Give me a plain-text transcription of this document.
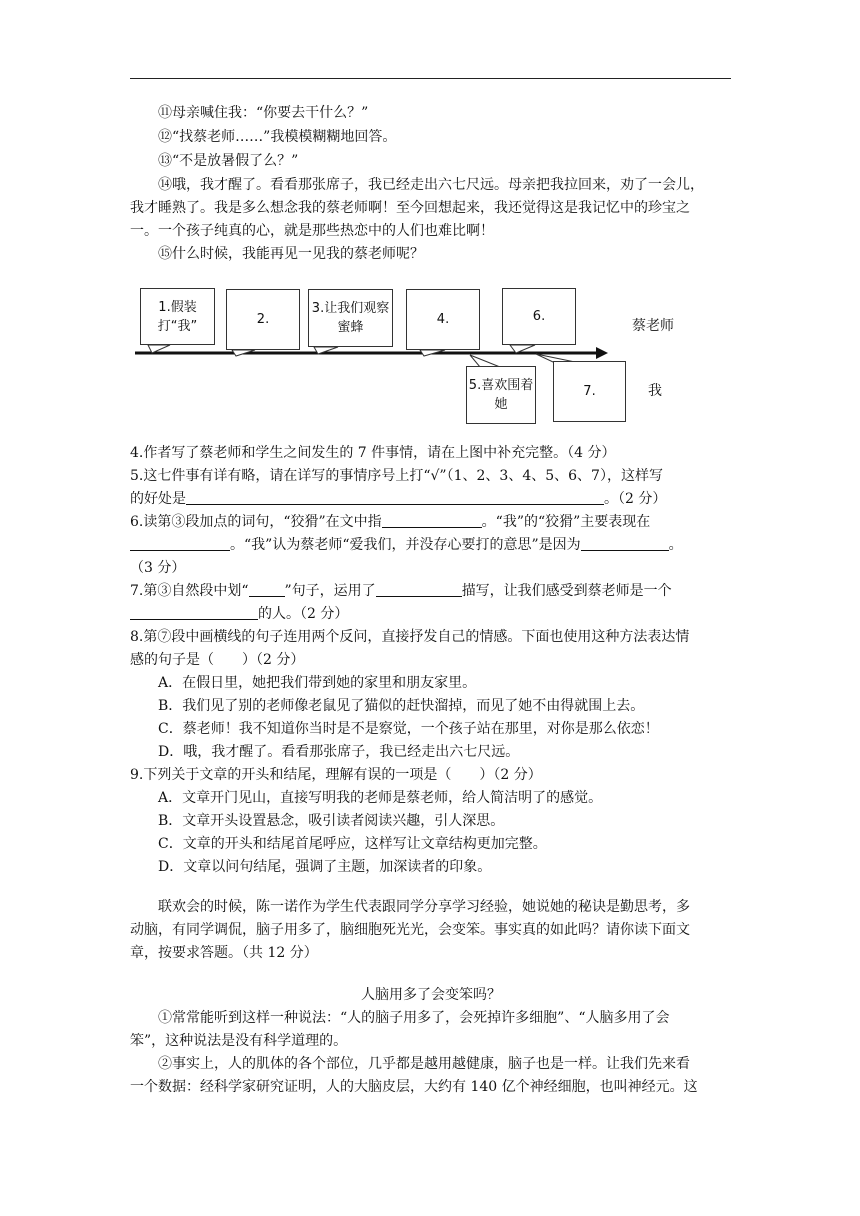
⑪母亲喊住我：“你要去干什么？”
⑫“找蔡老师……”我模模糊糊地回答。
⑬“不是放暑假了么？”
⑭哦，我才醒了。看看那张席子，我已经走出六七尺远。母亲把我拉回来，劝了一会儿，
我才睡熟了。我是多么想念我的蔡老师啊！至今回想起来，我还觉得这是我记忆中的珍宝之
一。一个孩子纯真的心，就是那些热恋中的人们也难比啊！
⑮什么时候，我能再见一见我的蔡老师呢？
1.假装打“我”	2.
3.让我们观察蜜蜂
4.	6.
5.喜欢围着她
7.
蔡老师
我
4.作者写了蔡老师和学生之间发生的 7 件事情，请在上图中补充完整。（4 分）
5.这七件事有详有略，请在详写的事情序号上打“√”（1、2、3、4、5、6、7），这样写
的好处是	。（2 分）
6.读第③段加点的词句，“狡猾”在文中指	。“我”的“狡猾”主要表现在
。“我”认为蔡老师“爱我们，并没存心要打的意思”是因为	。
（3 分）
7.第③自然段中划“	”句子，运用了	描写，让我们感受到蔡老师是一个
的人。（2 分）
8.第⑦段中画横线的句子连用两个反问，直接抒发自己的情感。下面也使用这种方法表达情
感的句子是（　　）（2 分）
A．在假日里，她把我们带到她的家里和朋友家里。
B．我们见了别的老师像老鼠见了猫似的赶快溜掉，而见了她不由得就围上去。
C．蔡老师！我不知道你当时是不是察觉，一个孩子站在那里，对你是那么依恋！
D．哦，我才醒了。看看那张席子，我已经走出六七尺远。
9.下列关于文章的开头和结尾，理解有误的一项是（　　）（2 分）
A．文章开门见山，直接写明我的老师是蔡老师，给人简洁明了的感觉。
B．文章开头设置悬念，吸引读者阅读兴趣，引人深思。
C．文章的开头和结尾首尾呼应，这样写让文章结构更加完整。
D．文章以问句结尾，强调了主题，加深读者的印象。
联欢会的时候，陈一诺作为学生代表跟同学分享学习经验，她说她的秘诀是勤思考，多
动脑，有同学调侃，脑子用多了，脑细胞死光光，会变笨。事实真的如此吗？请你读下面文
章，按要求答题。（共 12 分）
人脑用多了会变笨吗？
①常常能听到这样一种说法：“人的脑子用多了，会死掉许多细胞”、“人脑多用了会
笨”，这种说法是没有科学道理的。
②事实上，人的肌体的各个部位，几乎都是越用越健康，脑子也是一样。让我们先来看
一个数据：经科学家研究证明，人的大脑皮层，大约有 140 亿个神经细胞，也叫神经元。这
